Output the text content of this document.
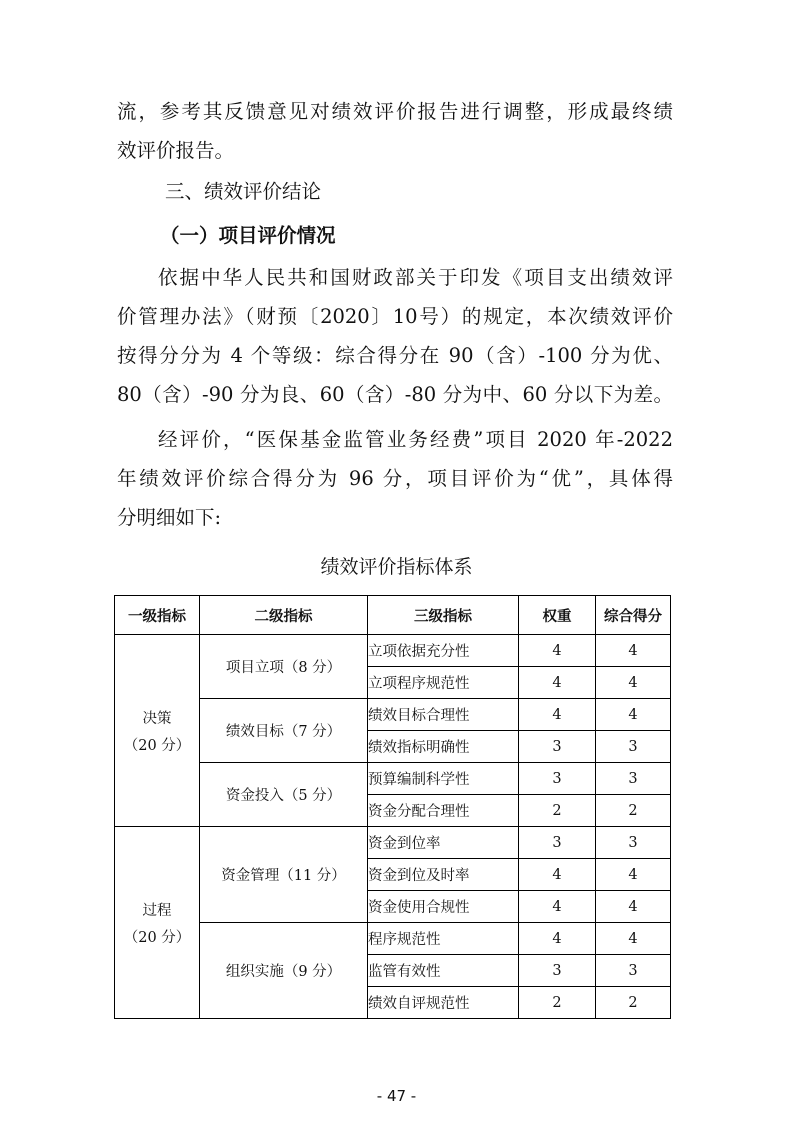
流，参考其反馈意见对绩效评价报告进行调整，形成最终绩
效评价报告。
三、绩效评价结论
（一）项目评价情况
依据中华人民共和国财政部关于印发《项目支出绩效评
价管理办法》（财预〔2020〕10号）的规定，本次绩效评价
按得分分为 4 个等级：综合得分在 90（含）-100 分为优、
80（含）-90 分为良、60（含）-80 分为中、60 分以下为差。
经评价，“医保基金监管业务经费”项目 2020 年-2022
年绩效评价综合得分为 96 分，项目评价为“优”，具体得
分明细如下:
绩效评价指标体系
一级指标	二级指标	三级指标	权重	综合得分
决策
（20 分）	项目立项（8 分）	立项依据充分性	4	4
		立项程序规范性	4	4
	绩效目标（7 分）	绩效目标合理性	4	4
		绩效指标明确性	3	3
	资金投入（5 分）	预算编制科学性	3	3
		资金分配合理性	2	2
过程
（20 分）	资金管理（11 分）	资金到位率	3	3
		资金到位及时率	4	4
		资金使用合规性	4	4
	组织实施（9 分）	程序规范性	4	4
		监管有效性	3	3
		绩效自评规范性	2	2
- 47 -
